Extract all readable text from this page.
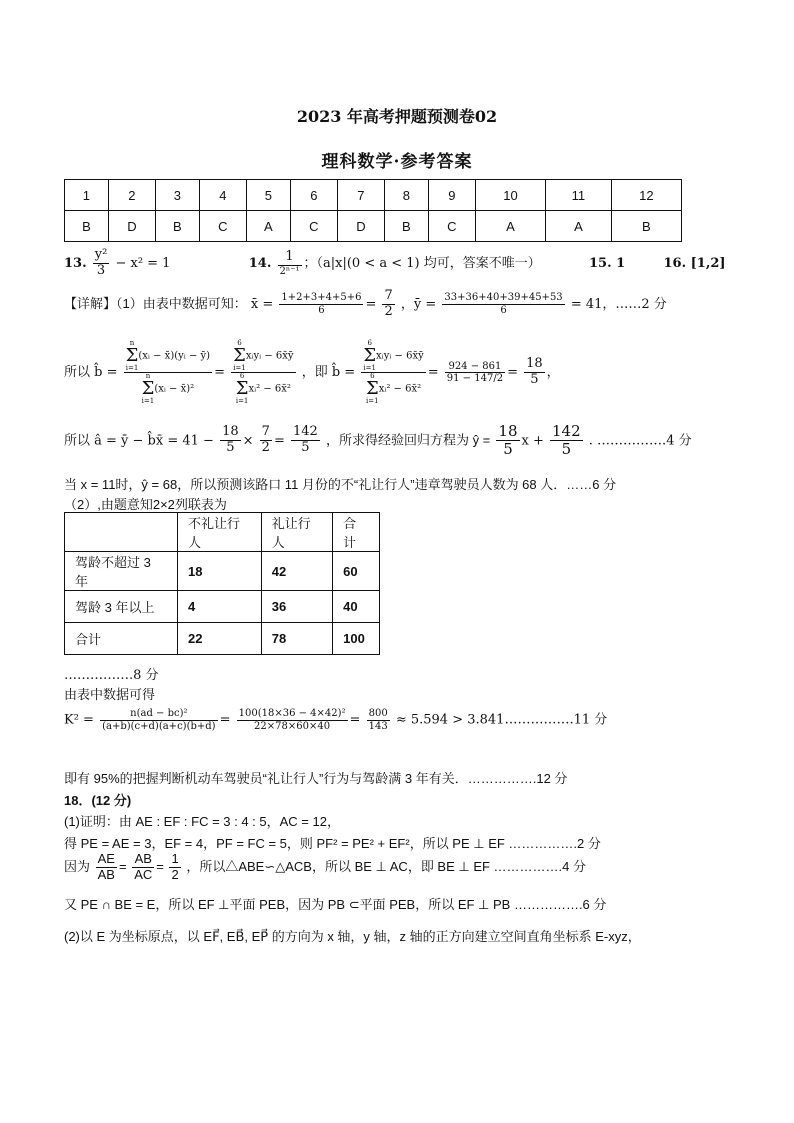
2023 年高考押题预测卷02
理科数学·参考答案
1	2	3	4	5	6	7	8	9	10	11	12
B	D	B	C	A	C	D	B	C	A	A	B
13. $\frac{\text{y²}}{3} - x^2 = 1$	14. $\frac{1}{\text{2ⁿ⁻¹}}$ ；（a|x|(0 < a < 1) 均可，答案不唯一）	15. 1	16. [1,2]
【详解】（1）由表中数据可知： x̄ = $\frac{1+2+3+4+5+6}{6} = \frac{7}{2}$ ，ȳ = $\frac{33+36+40+39+45+53}{6} = 41$，……2 分
所以 b̂ = n
Σ
i=1
(xᵢ − x̄)(yᵢ − ȳ)
n
Σ
i=1
(xᵢ − x̄)² = 6
Σ
i=1
xᵢyᵢ − 6x̄ȳ
6
Σ
i=1
xᵢ² − 6x̄² ，即 b̂ = 6
Σ
i=1
xᵢyᵢ − 6x̄ȳ
6
Σ
i=1
xᵢ² − 6x̄² = $\frac{924 - 861}{91 - 147/2} = \frac{18}{5}$ ，
所以 â = ȳ − b̂x̄ = $41 - \frac{18}{5} \times \frac{7}{2} = \frac{142}{5}$ ，所求得经验回归方程为 ŷ = $\frac{18}{5}$ $x + \frac{142}{5}$ . …………….4 分
当 x = 11时，ŷ = 68，所以预测该路口 11 月份的不“礼让行人”违章驾驶员人数为 68 人．……6 分
（2）,由题意知2×2列联表为
	不礼让行人	礼让行人	合计
驾龄不超过 3 年	18	42	60
驾龄 3 年以上	4	36	40
合计	22	78	100
…………….8 分
由表中数据可得
$K^2 = \frac{\text{n(ad − bc)²}}{(a+b)(c+d)(a+c)(b+d)} = \frac{\text{100(18×36 − 4×42)²}}{22\times 78\times 60\times 40} = \frac{800}{143} \approx 5.594$ > 3.841…………….11 分
即有 95%的把握判断机动车驾驶员“礼让行人”行为与驾龄满 3 年有关．…………….12 分
18．(12 分)
(1)证明：由 AE : EF : FC = 3 : 4 : 5，AC = 12，
得 PE = AE = 3，EF = 4，PF = FC = 5，则 PF² = PE² + EF²，所以 PE ⊥ EF …………….2 分
因为 $\frac{AE}{AB} = \frac{AB}{AC} = \frac{1}{2}$ ，所以△ABE∽△ACB，所以 BE ⊥ AC，即 BE ⊥ EF …………….4 分
又 PE ∩ BE = E，所以 EF ⊥平面 PEB，因为 PB ⊂平面 PEB，所以 EF ⊥ PB …………….6 分
(2)以 E 为坐标原点，以 EF⃗, EB⃗, EP⃗ 的方向为 x 轴，y 轴，z 轴的正方向建立空间直角坐标系 E-xyz，
